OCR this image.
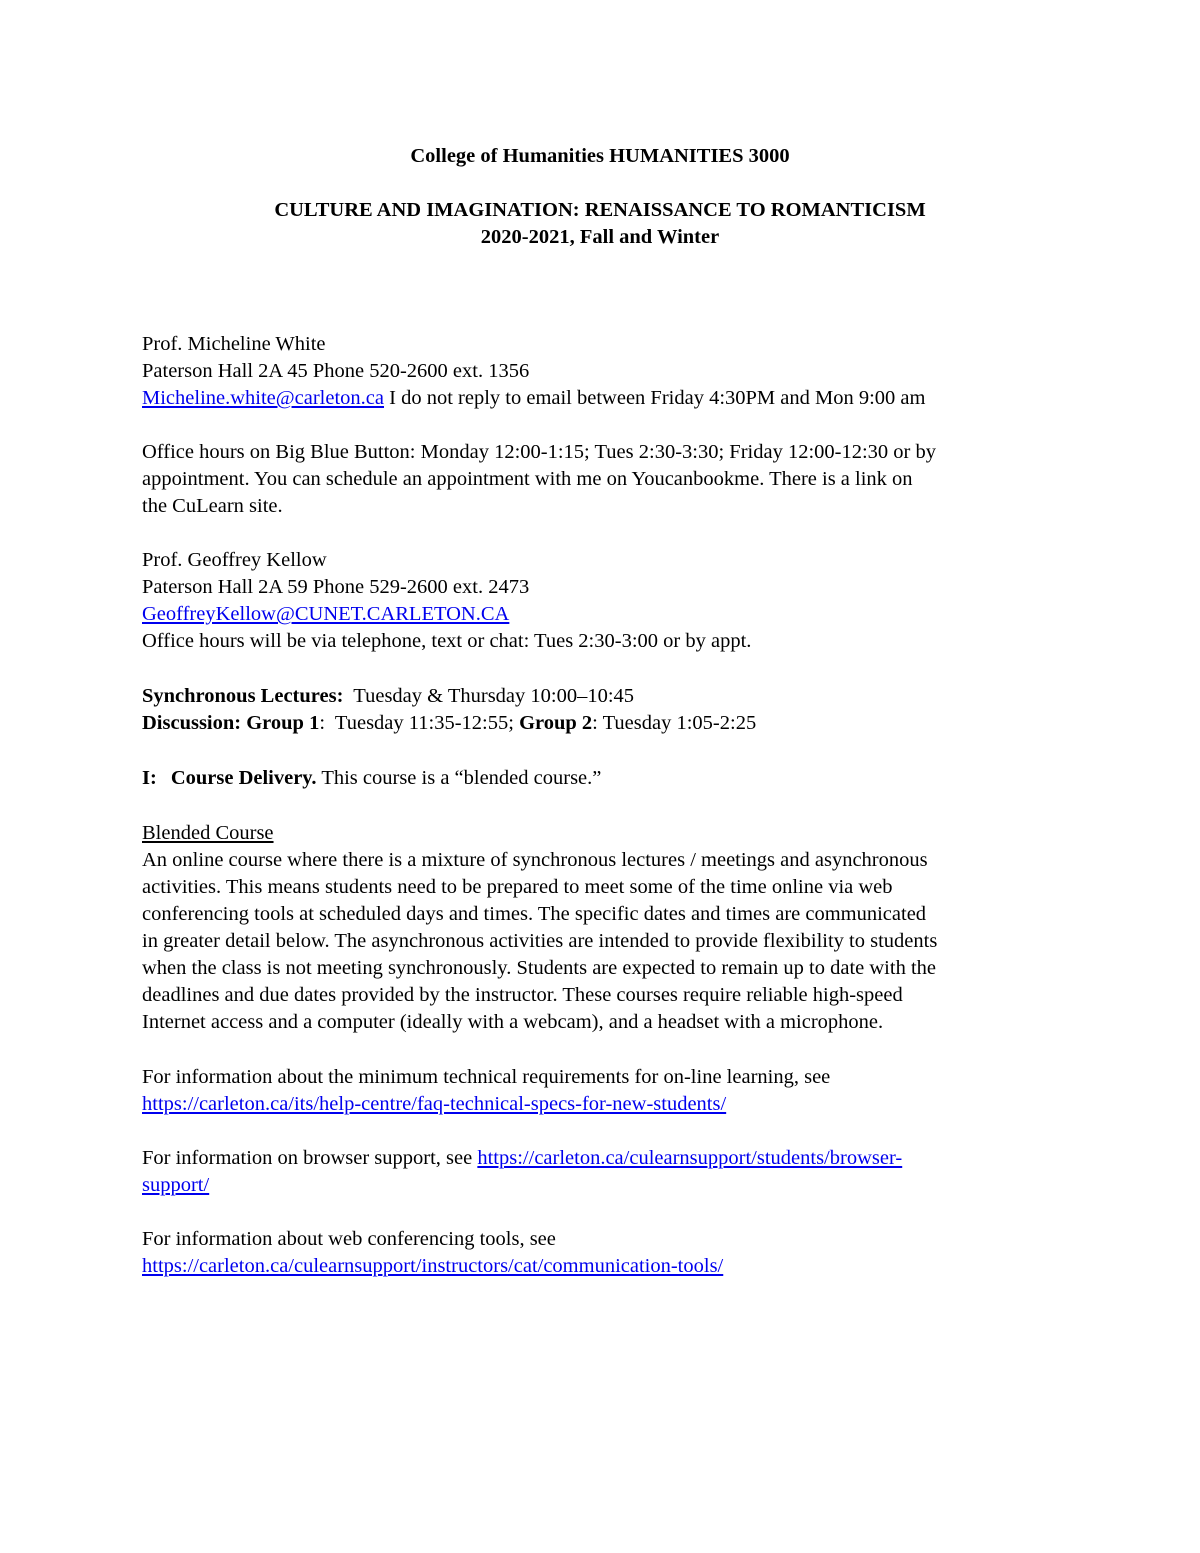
College of Humanities HUMANITIES 3000
CULTURE AND IMAGINATION: RENAISSANCE TO ROMANTICISM
2020-2021, Fall and Winter
Prof. Micheline White
Paterson Hall 2A 45 Phone 520-2600 ext. 1356
Micheline.white@carleton.ca I do not reply to email between Friday 4:30PM and Mon 9:00 am
Office hours on Big Blue Button: Monday 12:00-1:15; Tues 2:30-3:30; Friday 12:00-12:30 or by
appointment. You can schedule an appointment with me on Youcanbookme. There is a link on
the CuLearn site.
Prof. Geoffrey Kellow
Paterson Hall 2A 59 Phone 529-2600 ext. 2473
GeoffreyKellow@CUNET.CARLETON.CA
Office hours will be via telephone, text or chat: Tues 2:30-3:00 or by appt.
Synchronous Lectures:  Tuesday & Thursday 10:00–10:45
Discussion: Group 1:  Tuesday 11:35-12:55; Group 2: Tuesday 1:05-2:25
I: Course Delivery. This course is a “blended course.”
Blended Course
An online course where there is a mixture of synchronous lectures / meetings and asynchronous
activities. This means students need to be prepared to meet some of the time online via web
conferencing tools at scheduled days and times. The specific dates and times are communicated
in greater detail below. The asynchronous activities are intended to provide flexibility to students
when the class is not meeting synchronously. Students are expected to remain up to date with the
deadlines and due dates provided by the instructor. These courses require reliable high-speed
Internet access and a computer (ideally with a webcam), and a headset with a microphone.
For information about the minimum technical requirements for on-line learning, see
https://carleton.ca/its/help-centre/faq-technical-specs-for-new-students/
For information on browser support, see https://carleton.ca/culearnsupport/students/browser-
support/
For information about web conferencing tools, see
https://carleton.ca/culearnsupport/instructors/cat/communication-tools/
